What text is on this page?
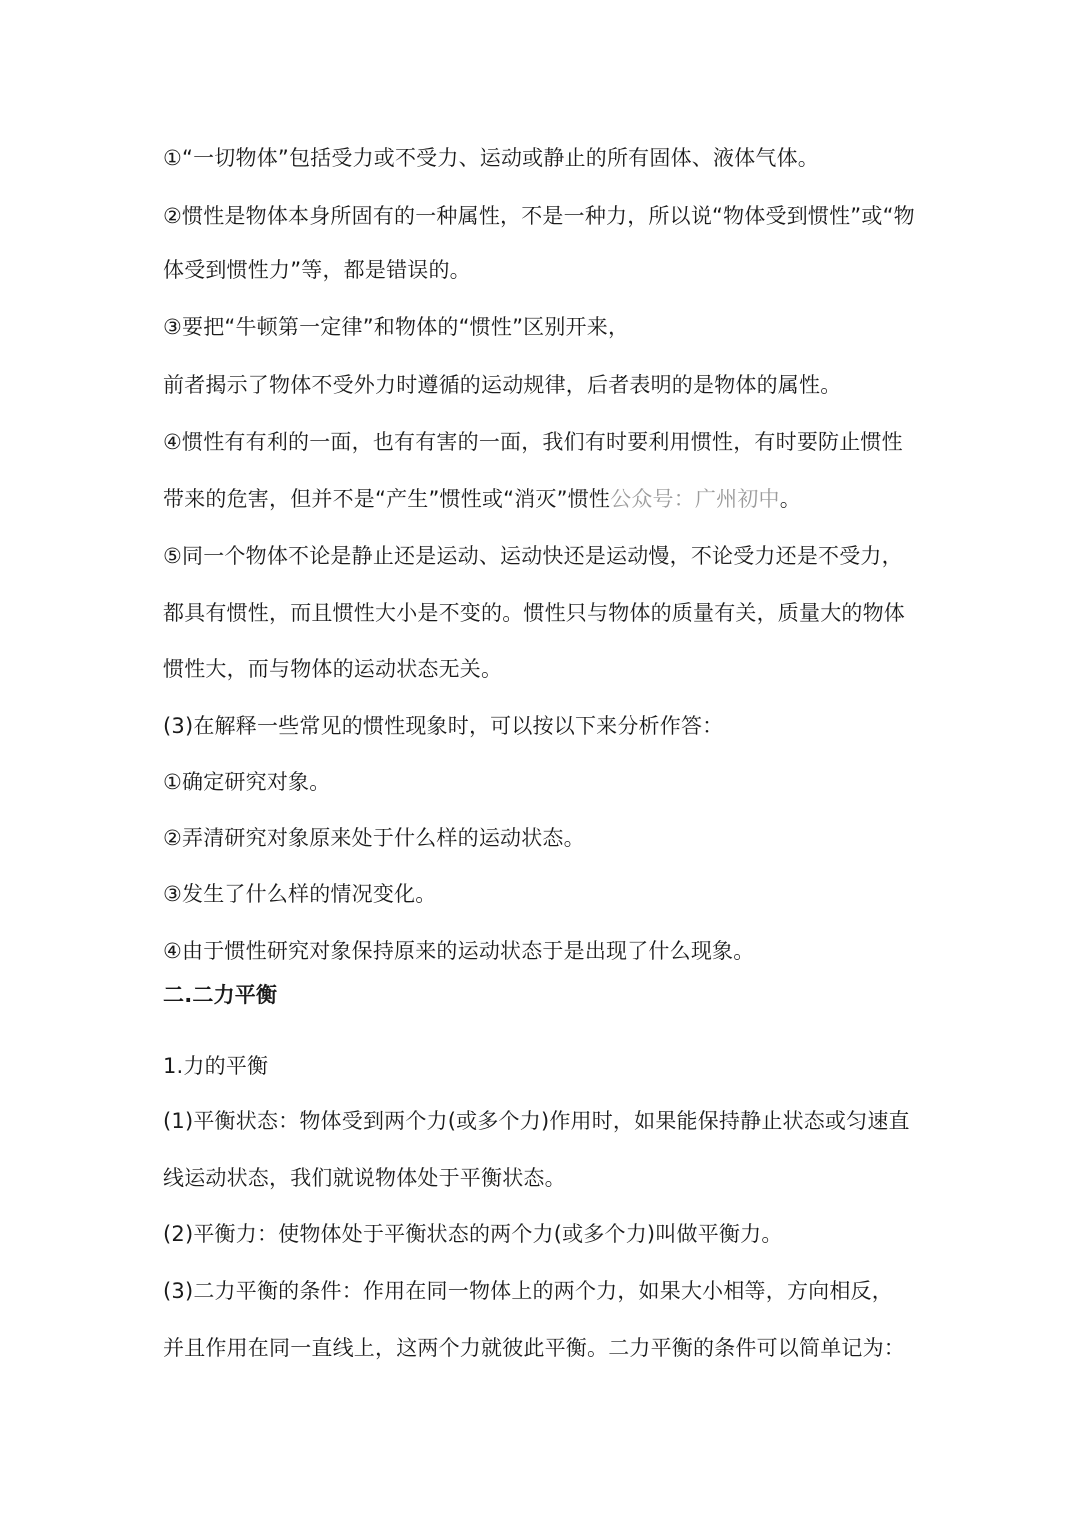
①“一切物体”包括受力或不受力、运动或静止的所有固体、液体气体。
②惯性是物体本身所固有的一种属性，不是一种力，所以说“物体受到惯性”或“物
体受到惯性力”等，都是错误的。
③要把“牛顿第一定律”和物体的“惯性”区别开来，
前者揭示了物体不受外力时遵循的运动规律，后者表明的是物体的属性。
④惯性有有利的一面，也有有害的一面，我们有时要利用惯性，有时要防止惯性
带来的危害，但并不是“产生”惯性或“消灭”惯性公众号：广州初中。
⑤同一个物体不论是静止还是运动、运动快还是运动慢，不论受力还是不受力，
都具有惯性，而且惯性大小是不变的。惯性只与物体的质量有关，质量大的物体
惯性大，而与物体的运动状态无关。
(3)在解释一些常见的惯性现象时，可以按以下来分析作答：
①确定研究对象。
②弄清研究对象原来处于什么样的运动状态。
③发生了什么样的情况变化。
④由于惯性研究对象保持原来的运动状态于是出现了什么现象。
二.二力平衡
1.力的平衡
(1)平衡状态：物体受到两个力(或多个力)作用时，如果能保持静止状态或匀速直
线运动状态，我们就说物体处于平衡状态。
(2)平衡力：使物体处于平衡状态的两个力(或多个力)叫做平衡力。
(3)二力平衡的条件：作用在同一物体上的两个力，如果大小相等，方向相反，
并且作用在同一直线上，这两个力就彼此平衡。二力平衡的条件可以简单记为：
